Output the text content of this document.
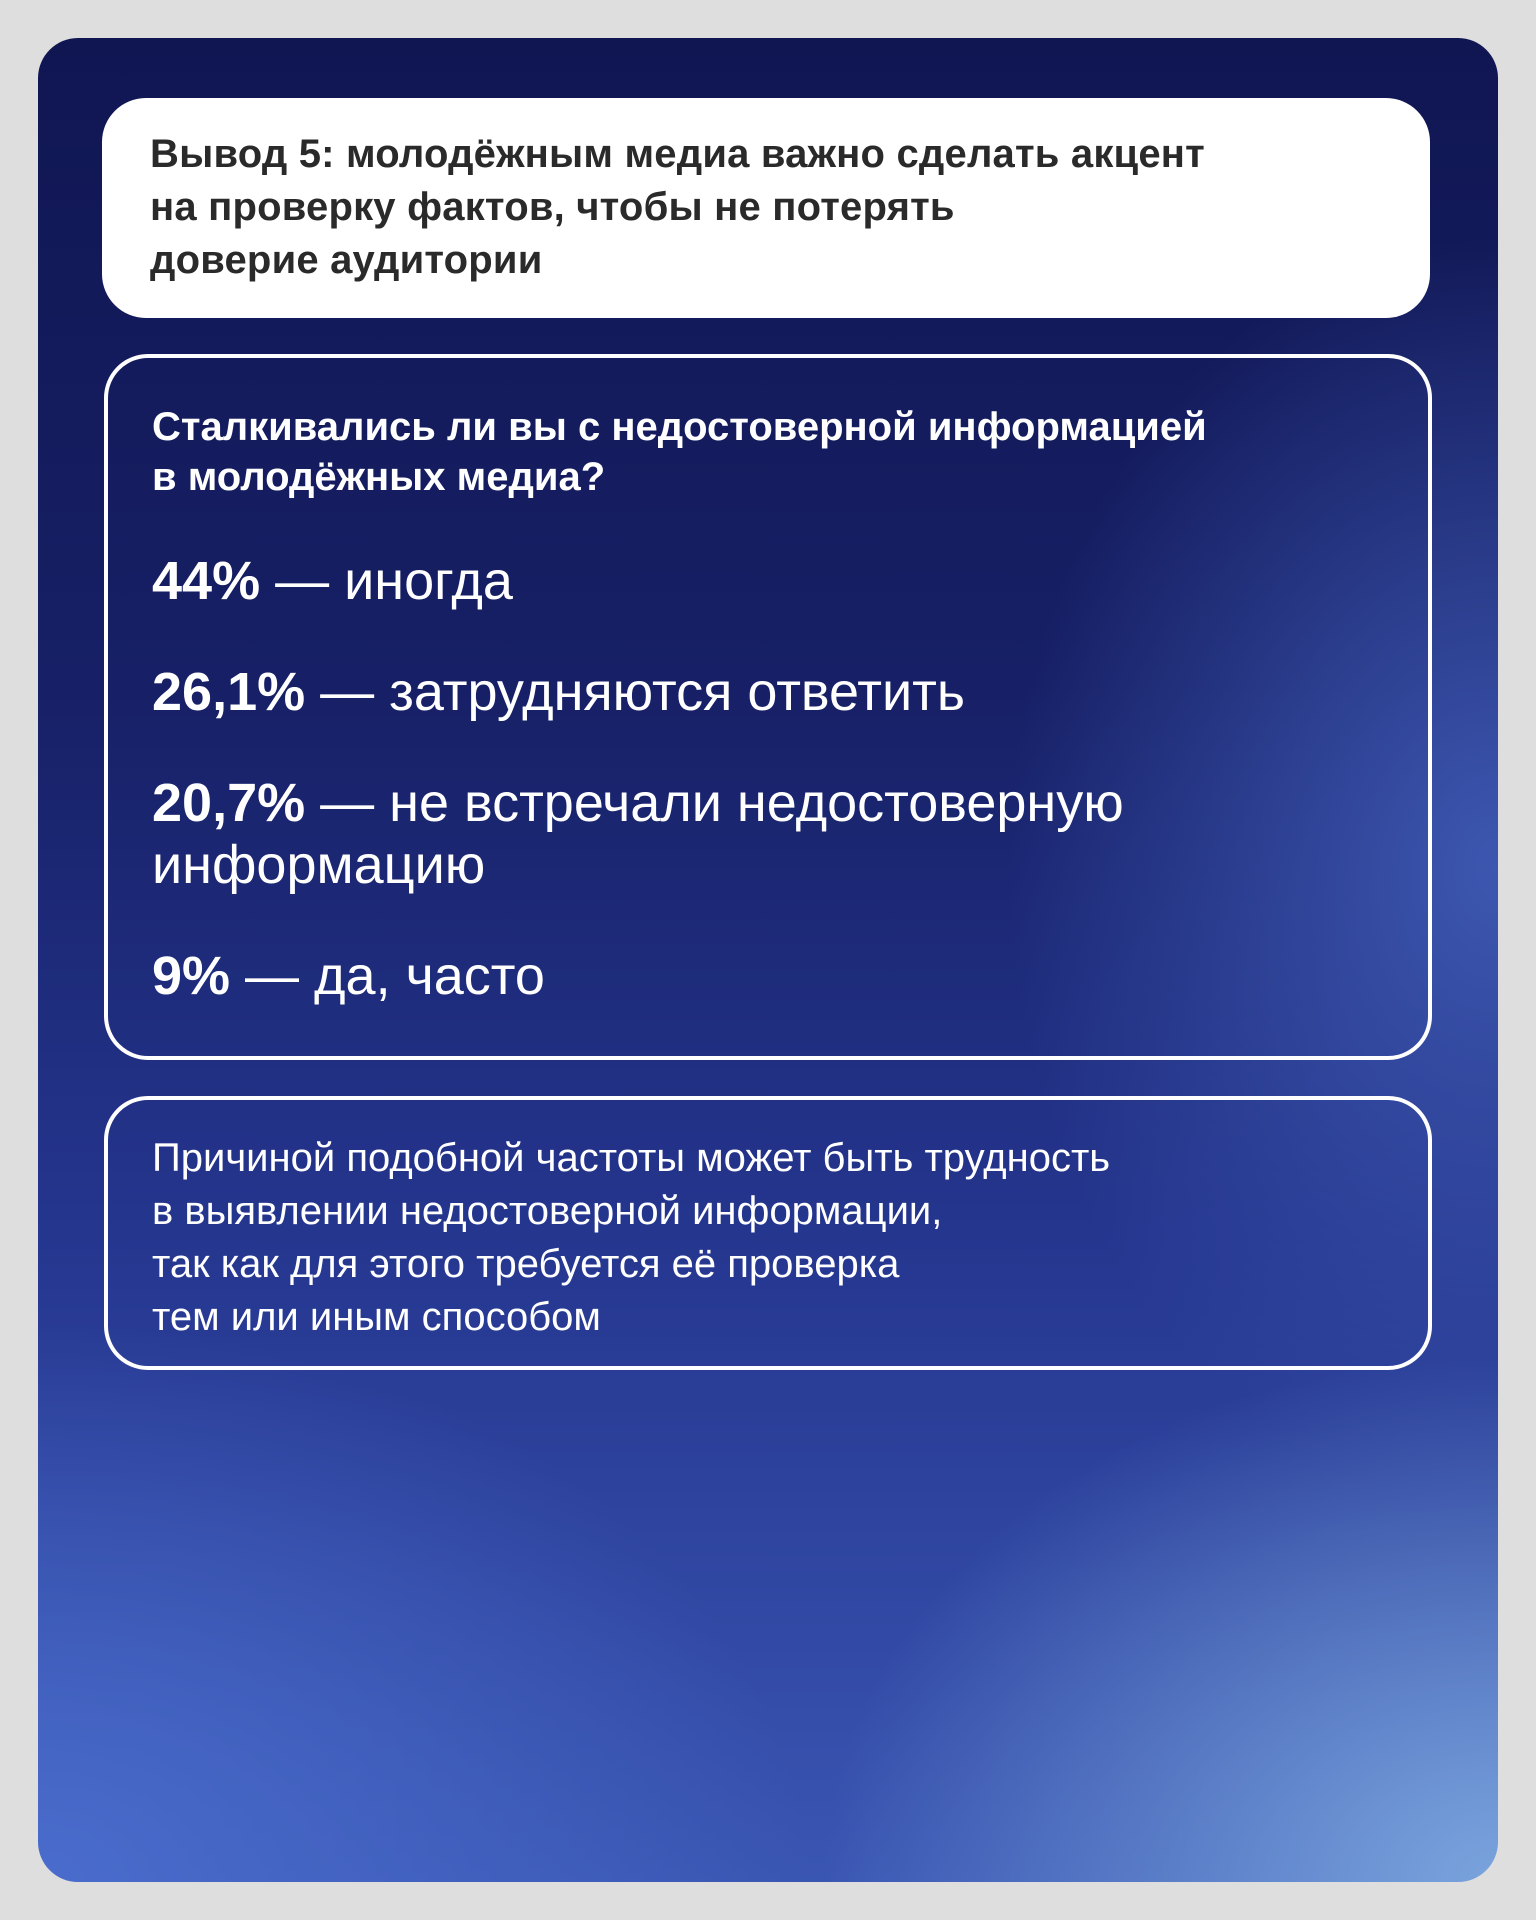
Вывод 5: молодёжным медиа важно сделать акцент
на проверку фактов, чтобы не потерять
доверие аудитории

Сталкивались ли вы с недостоверной информацией
в молодёжных медиа?

44% — иногда
26,1% — затрудняются ответить
20,7% — не встречали недостоверную информацию
9% — да, часто

Причиной подобной частоты может быть трудность
в выявлении недостоверной информации,
так как для этого требуется её проверка
тем или иным способом
